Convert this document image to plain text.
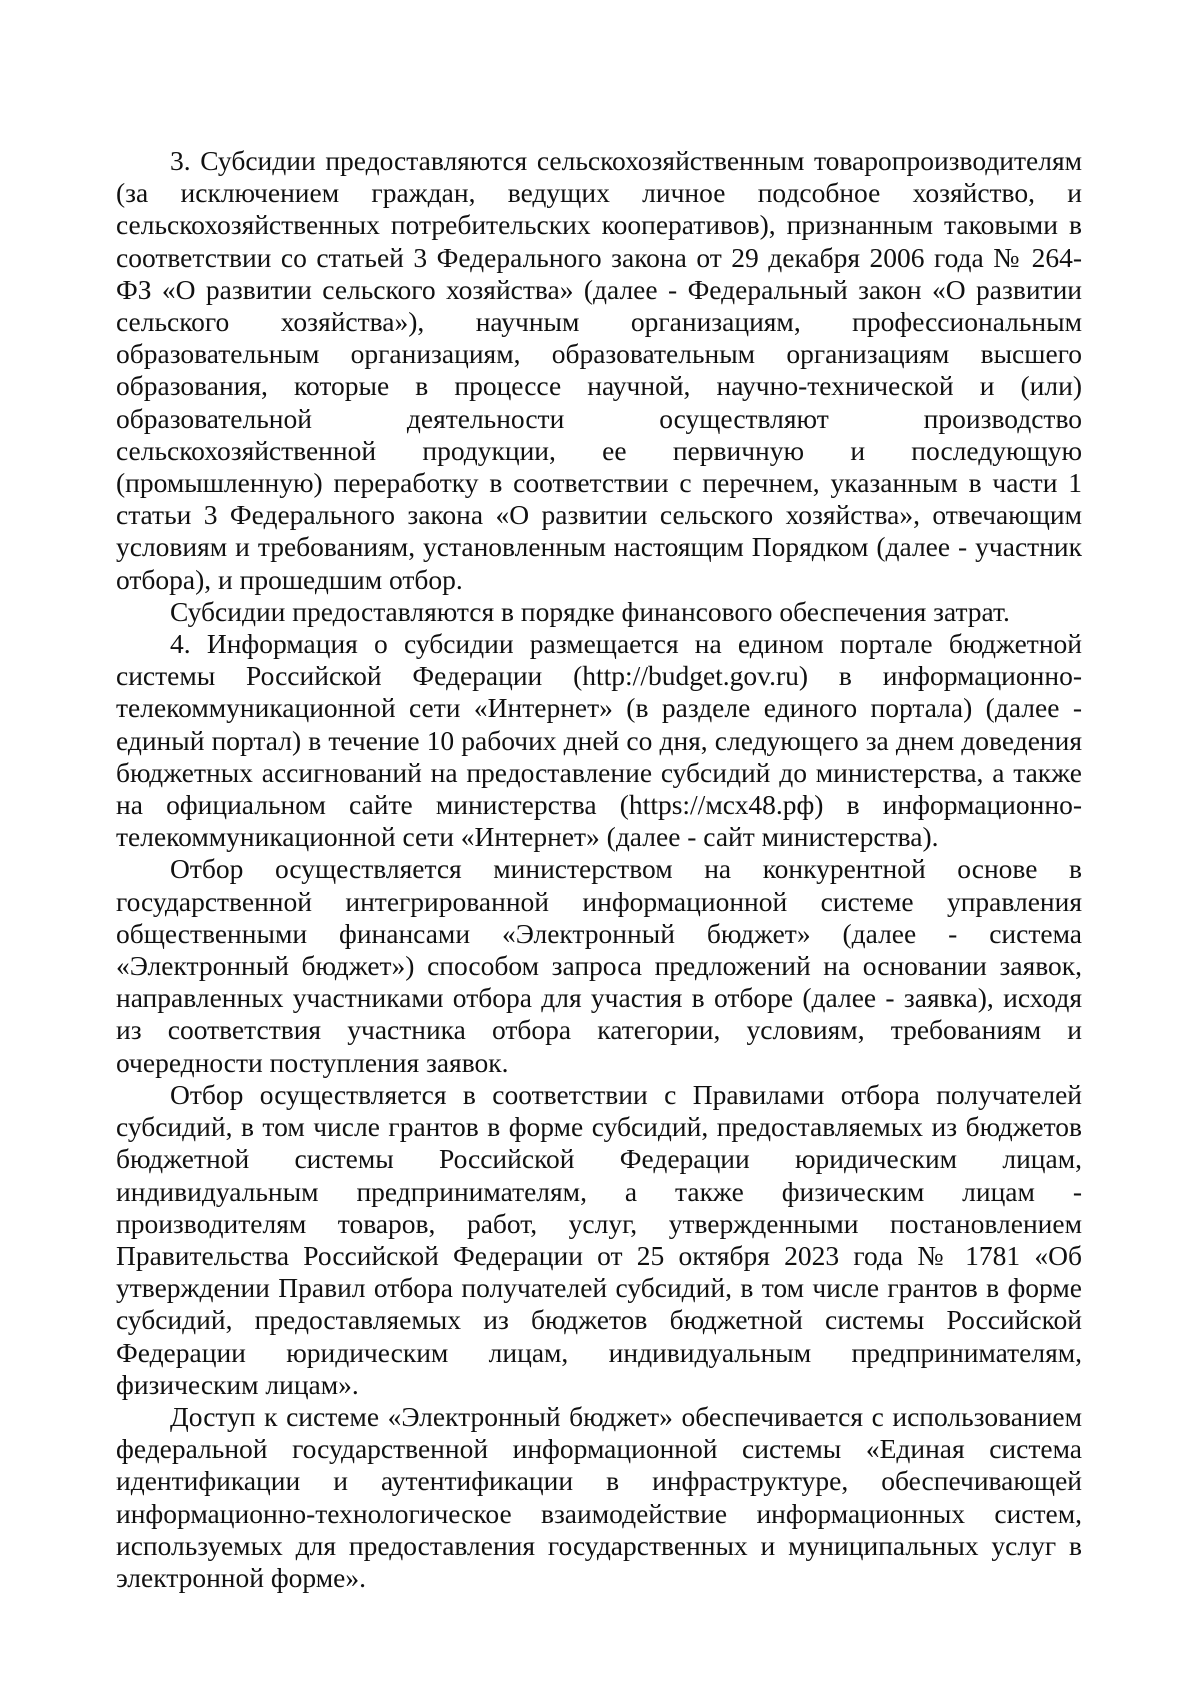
3. Субсидии предоставляются сельскохозяйственным товаропроизводителям (за исключением граждан, ведущих личное подсобное хозяйство, и сельскохозяйственных потребительских кооперативов), признанным таковыми в соответствии со статьей 3 Федерального закона от 29 декабря 2006 года № 264-ФЗ «О развитии сельского хозяйства» (далее - Федеральный закон «О развитии сельского хозяйства»), научным организациям, профессиональным образовательным организациям, образовательным организациям высшего образования, которые в процессе научной, научно-технической и (или) образовательной деятельности осуществляют производство сельскохозяйственной продукции, ее первичную и последующую (промышленную) переработку в соответствии с перечнем, указанным в части 1 статьи 3 Федерального закона «О развитии сельского хозяйства», отвечающим условиям и требованиям, установленным настоящим Порядком (далее - участник отбора), и прошедшим отбор.

Субсидии предоставляются в порядке финансового обеспечения затрат.

4. Информация о субсидии размещается на едином портале бюджетной системы Российской Федерации (http://budget.gov.ru) в информационно-телекоммуникационной сети «Интернет» (в разделе единого портала) (далее - единый портал) в течение 10 рабочих дней со дня, следующего за днем доведения бюджетных ассигнований на предоставление субсидий до министерства, а также на официальном сайте министерства (https://мсх48.рф) в информационно-телекоммуникационной сети «Интернет» (далее - сайт министерства).

Отбор осуществляется министерством на конкурентной основе в государственной интегрированной информационной системе управления общественными финансами «Электронный бюджет» (далее - система «Электронный бюджет») способом запроса предложений на основании заявок, направленных участниками отбора для участия в отборе (далее - заявка), исходя из соответствия участника отбора категории, условиям, требованиям и очередности поступления заявок.

Отбор осуществляется в соответствии с Правилами отбора получателей субсидий, в том числе грантов в форме субсидий, предоставляемых из бюджетов бюджетной системы Российской Федерации юридическим лицам, индивидуальным предпринимателям, а также физическим лицам - производителям товаров, работ, услуг, утвержденными постановлением Правительства Российской Федерации от 25 октября 2023 года № 1781 «Об утверждении Правил отбора получателей субсидий, в том числе грантов в форме субсидий, предоставляемых из бюджетов бюджетной системы Российской Федерации юридическим лицам, индивидуальным предпринимателям, физическим лицам».

Доступ к системе «Электронный бюджет» обеспечивается с использованием федеральной государственной информационной системы «Единая система идентификации и аутентификации в инфраструктуре, обеспечивающей информационно-технологическое взаимодействие информационных систем, используемых для предоставления государственных и муниципальных услуг в электронной форме».
